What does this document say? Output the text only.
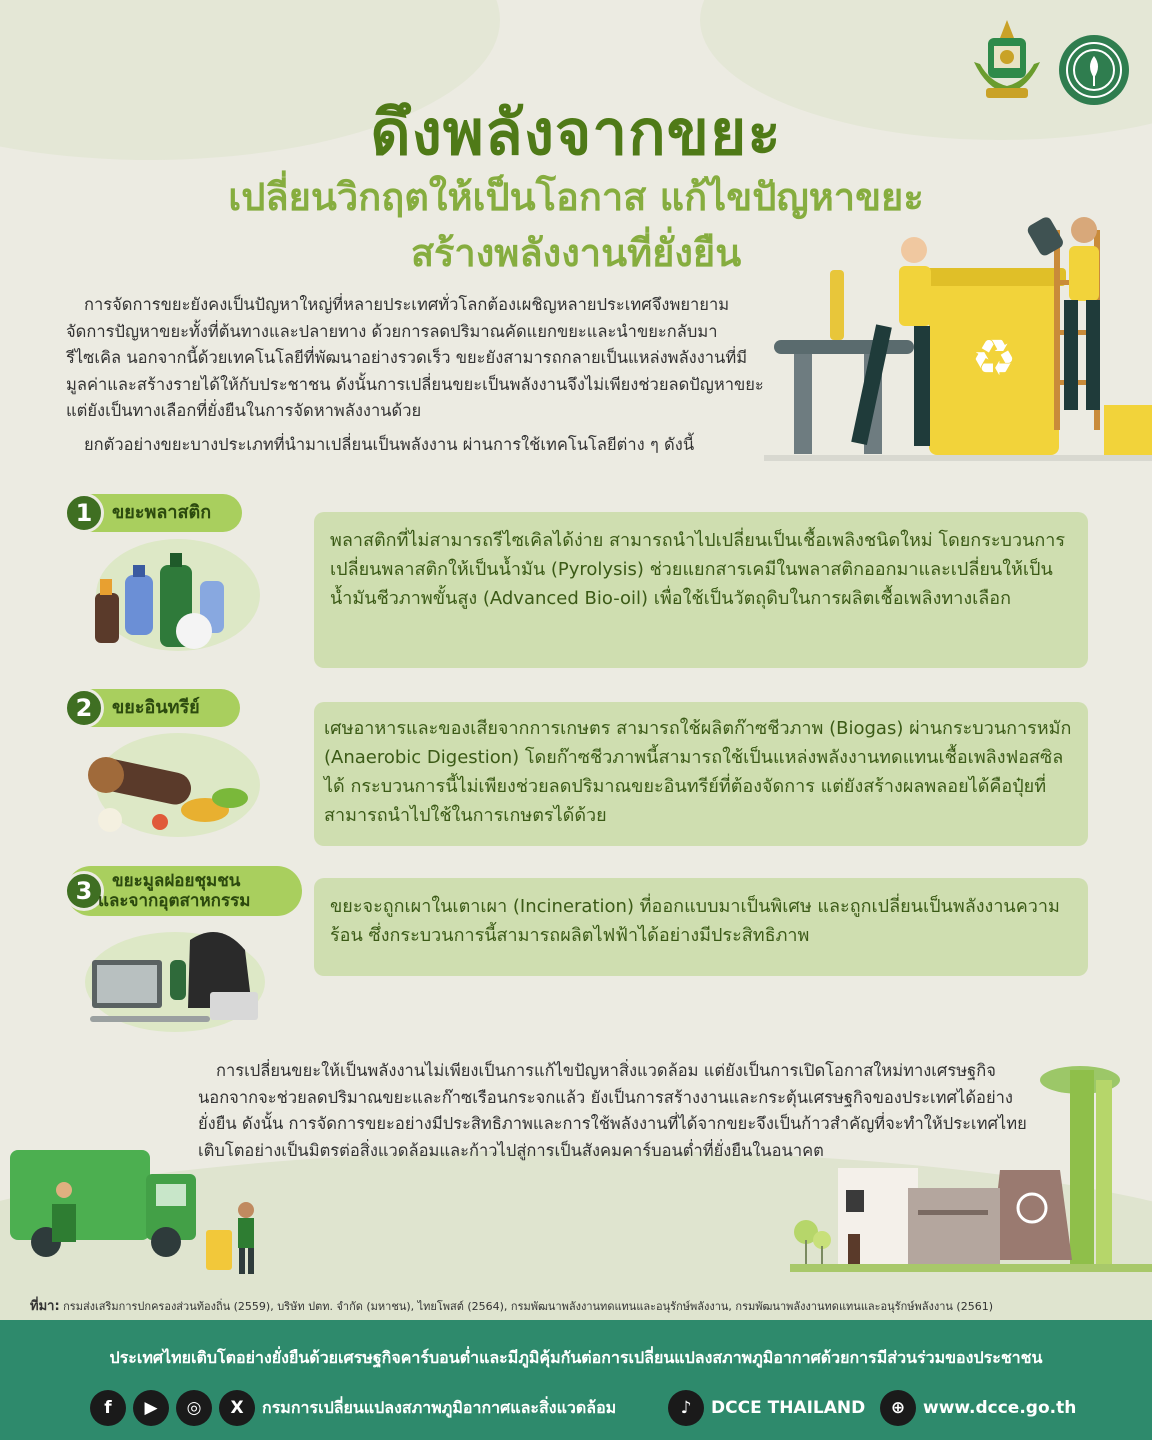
ดึงพลังจากขยะ
เปลี่ยนวิกฤตให้เป็นโอกาส แก้ไขปัญหาขยะ
สร้างพลังงานที่ยั่งยืน

การจัดการขยะยังคงเป็นปัญหาใหญ่ที่หลายประเทศทั่วโลกต้องเผชิญหลายประเทศจึงพยายามจัดการปัญหาขยะทั้งที่ต้นทางและปลายทาง ด้วยการลดปริมาณคัดแยกขยะและนำขยะกลับมารีไซเคิล นอกจากนี้ด้วยเทคโนโลยีที่พัฒนาอย่างรวดเร็ว ขยะยังสามารถกลายเป็นแหล่งพลังงานที่มีมูลค่าและสร้างรายได้ให้กับประชาชน ดังนั้นการเปลี่ยนขยะเป็นพลังงานจึงไม่เพียงช่วยลดปัญหาขยะ แต่ยังเป็นทางเลือกที่ยั่งยืนในการจัดหาพลังงานด้วย

ยกตัวอย่างขยะบางประเภทที่นำมาเปลี่ยนเป็นพลังงาน ผ่านการใช้เทคโนโลยีต่าง ๆ ดังนี้
♻
1	ขยะพลาสติก
พลาสติกที่ไม่สามารถรีไซเคิลได้ง่าย สามารถนำไปเปลี่ยนเป็นเชื้อเพลิงชนิดใหม่ โดยกระบวนการเปลี่ยนพลาสติกให้เป็นน้ำมัน (Pyrolysis) ช่วยแยกสารเคมีในพลาสติกออกมาและเปลี่ยนให้เป็นน้ำมันชีวภาพขั้นสูง (Advanced Bio-oil) เพื่อใช้เป็นวัตถุดิบในการผลิตเชื้อเพลิงทางเลือก
2	ขยะอินทรีย์
เศษอาหารและของเสียจากการเกษตร สามารถใช้ผลิตก๊าซชีวภาพ (Biogas) ผ่านกระบวนการหมัก (Anaerobic Digestion) โดยก๊าซชีวภาพนี้สามารถใช้เป็นแหล่งพลังงานทดแทนเชื้อเพลิงฟอสซิลได้ กระบวนการนี้ไม่เพียงช่วยลดปริมาณขยะอินทรีย์ที่ต้องจัดการ แต่ยังสร้างผลพลอยได้คือปุ๋ยที่สามารถนำไปใช้ในการเกษตรได้ด้วย
3	ขยะมูลฝอยชุมชน
และจากอุตสาหกรรม	ขยะจะถูกเผาในเตาเผา (Incineration) ที่ออกแบบมาเป็นพิเศษ และถูกเปลี่ยนเป็นพลังงานความร้อน ซึ่งกระบวนการนี้สามารถผลิตไฟฟ้าได้อย่างมีประสิทธิภาพ

การเปลี่ยนขยะให้เป็นพลังงานไม่เพียงเป็นการแก้ไขปัญหาสิ่งแวดล้อม แต่ยังเป็นการเปิดโอกาสใหม่ทางเศรษฐกิจ นอกจากจะช่วยลดปริมาณขยะและก๊าซเรือนกระจกแล้ว ยังเป็นการสร้างงานและกระตุ้นเศรษฐกิจของประเทศได้อย่างยั่งยืน ดังนั้น การจัดการขยะอย่างมีประสิทธิภาพและการใช้พลังงานที่ได้จากขยะจึงเป็นก้าวสำคัญที่จะทำให้ประเทศไทยเติบโตอย่างเป็นมิตรต่อสิ่งแวดล้อมและก้าวไปสู่การเป็นสังคมคาร์บอนต่ำที่ยั่งยืนในอนาคต

ที่มา: กรมส่งเสริมการปกครองส่วนท้องถิ่น (2559), บริษัท ปตท. จำกัด (มหาชน), ไทยโพสต์ (2564), กรมพัฒนาพลังงานทดแทนและอนุรักษ์พลังงาน, กรมพัฒนาพลังงานทดแทนและอนุรักษ์พลังงาน (2561)
ประเทศไทยเติบโตอย่างยั่งยืนด้วยเศรษฐกิจคาร์บอนต่ำและมีภูมิคุ้มกันต่อการเปลี่ยนแปลงสภาพภูมิอากาศด้วยการมีส่วนร่วมของประชาชน
f	▶	◎	X	กรมการเปลี่ยนแปลงสภาพภูมิอากาศและสิ่งแวดล้อม	♪	DCCE THAILAND	⊕	www.dcce.go.th
